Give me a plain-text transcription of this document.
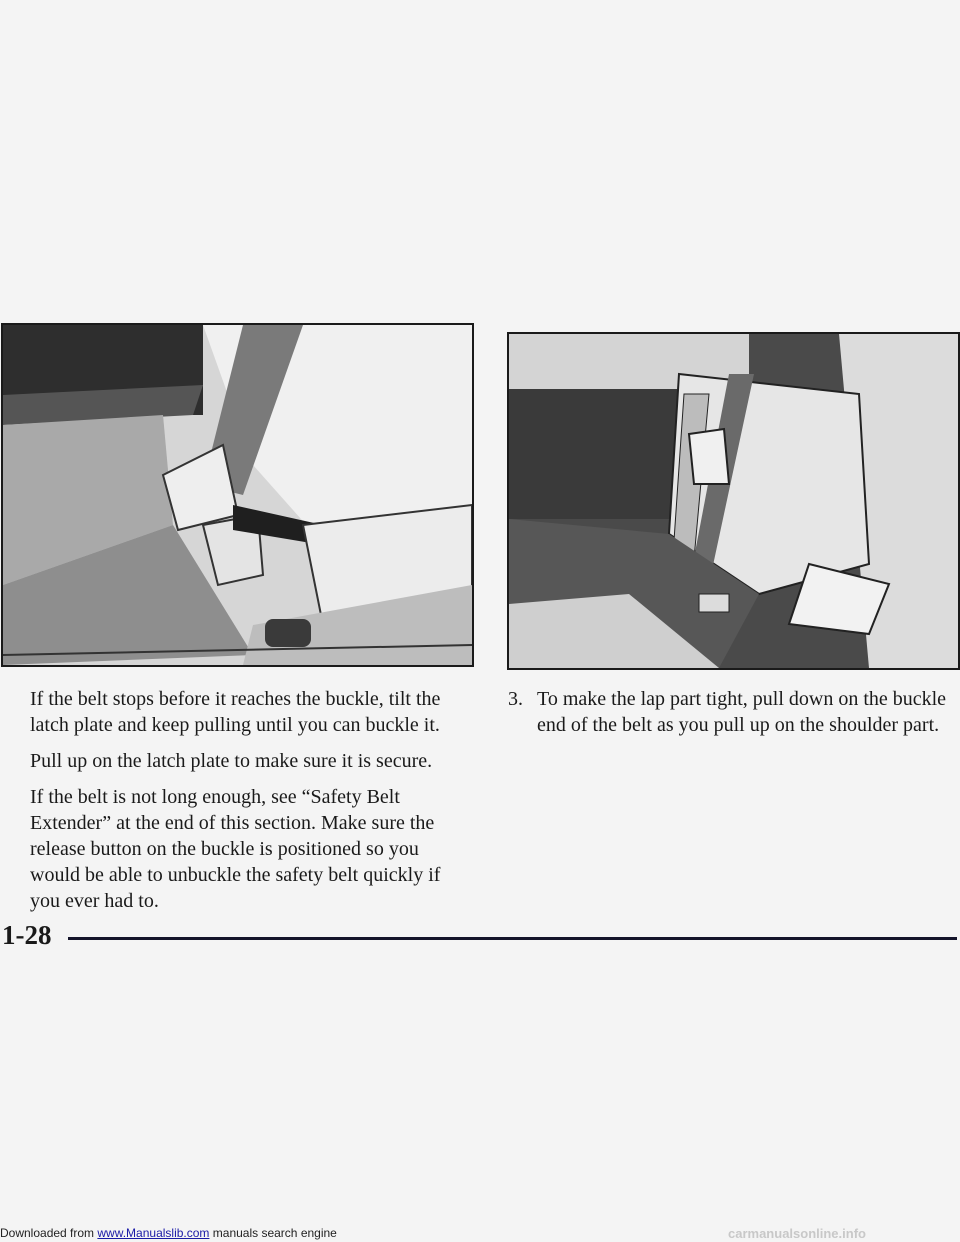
If the belt stops before it reaches the buckle, tilt the latch plate and keep pulling until you can buckle it.

Pull up on the latch plate to make sure it is secure.

If the belt is not long enough, see “Safety Belt Extender” at the end of this section. Make sure the release button on the buckle is positioned so you would be able to unbuckle the safety belt quickly if you ever had to.

3. To make the lap part tight, pull down on the buckle end of the belt as you pull up on the shoulder part.
1-28
Downloaded from www.Manualslib.com manuals search engine	carmanualsonline.info
